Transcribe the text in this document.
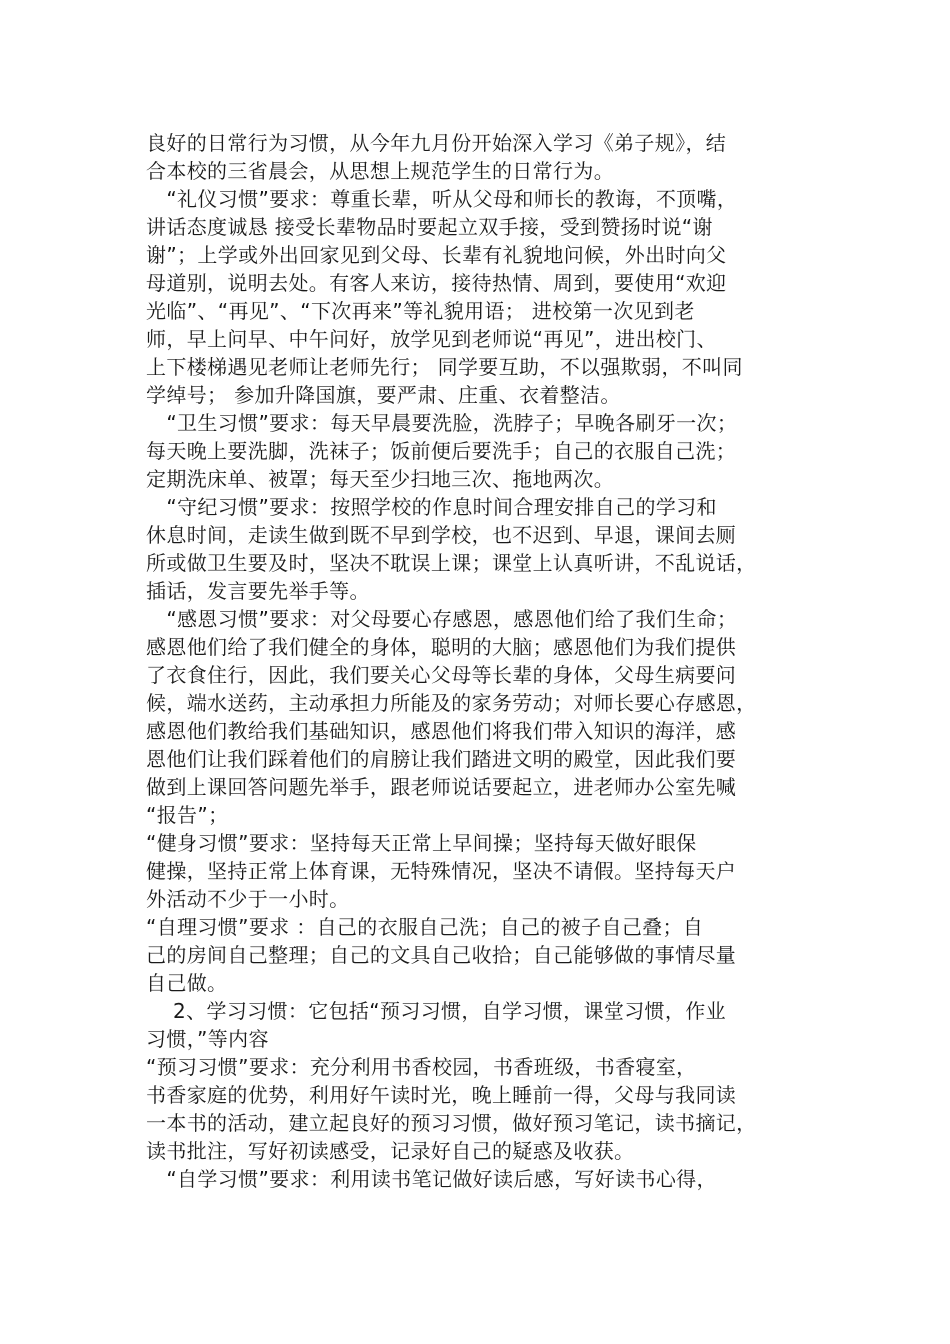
良好的日常行为习惯，从今年九月份开始深入学习《弟子规》，结
合本校的三省晨会，从思想上规范学生的日常行为。
　“礼仪习惯”要求：尊重长辈，听从父母和师长的教诲，不顶嘴，
讲话态度诚恳 接受长辈物品时要起立双手接，受到赞扬时说“谢
谢”；上学或外出回家见到父母、长辈有礼貌地问候，外出时向父
母道别，说明去处。有客人来访，接待热情、周到，要使用“欢迎
光临”、“再见”、“下次再来”等礼貌用语； 进校第一次见到老
师，早上问早、中午问好，放学见到老师说“再见”，进出校门、
上下楼梯遇见老师让老师先行； 同学要互助，不以强欺弱，不叫同
学绰号； 参加升降国旗，要严肃、庄重、衣着整洁。
　“卫生习惯”要求：每天早晨要洗脸，洗脖子；早晚各刷牙一次；
每天晚上要洗脚，洗袜子；饭前便后要洗手；自己的衣服自己洗；
定期洗床单、被罩；每天至少扫地三次、拖地两次。
　“守纪习惯”要求：按照学校的作息时间合理安排自己的学习和
休息时间，走读生做到既不早到学校，也不迟到、早退，课间去厕
所或做卫生要及时，坚决不耽误上课；课堂上认真听讲，不乱说话，
插话，发言要先举手等。
　“感恩习惯”要求：对父母要心存感恩，感恩他们给了我们生命；
感恩他们给了我们健全的身体，聪明的大脑；感恩他们为我们提供
了衣食住行，因此，我们要关心父母等长辈的身体，父母生病要问
候，端水送药，主动承担力所能及的家务劳动；对师长要心存感恩，
感恩他们教给我们基础知识，感恩他们将我们带入知识的海洋，感
恩他们让我们踩着他们的肩膀让我们踏进文明的殿堂，因此我们要
做到上课回答问题先举手，跟老师说话要起立，进老师办公室先喊
“报告”；
“健身习惯”要求：坚持每天正常上早间操；坚持每天做好眼保
健操，坚持正常上体育课，无特殊情况，坚决不请假。坚持每天户
外活动不少于一小时。
“自理习惯”要求 ：自己的衣服自己洗；自己的被子自己叠；自
己的房间自己整理；自己的文具自己收拾；自己能够做的事情尽量
自己做。
　 2、学习习惯：它包括“预习习惯，自学习惯，课堂习惯，作业
习惯，”等内容
“预习习惯”要求：充分利用书香校园，书香班级，书香寝室，
书香家庭的优势，利用好午读时光，晚上睡前一得，父母与我同读
一本书的活动，建立起良好的预习习惯，做好预习笔记，读书摘记，
读书批注，写好初读感受，记录好自己的疑惑及收获。
　“自学习惯”要求：利用读书笔记做好读后感，写好读书心得，
